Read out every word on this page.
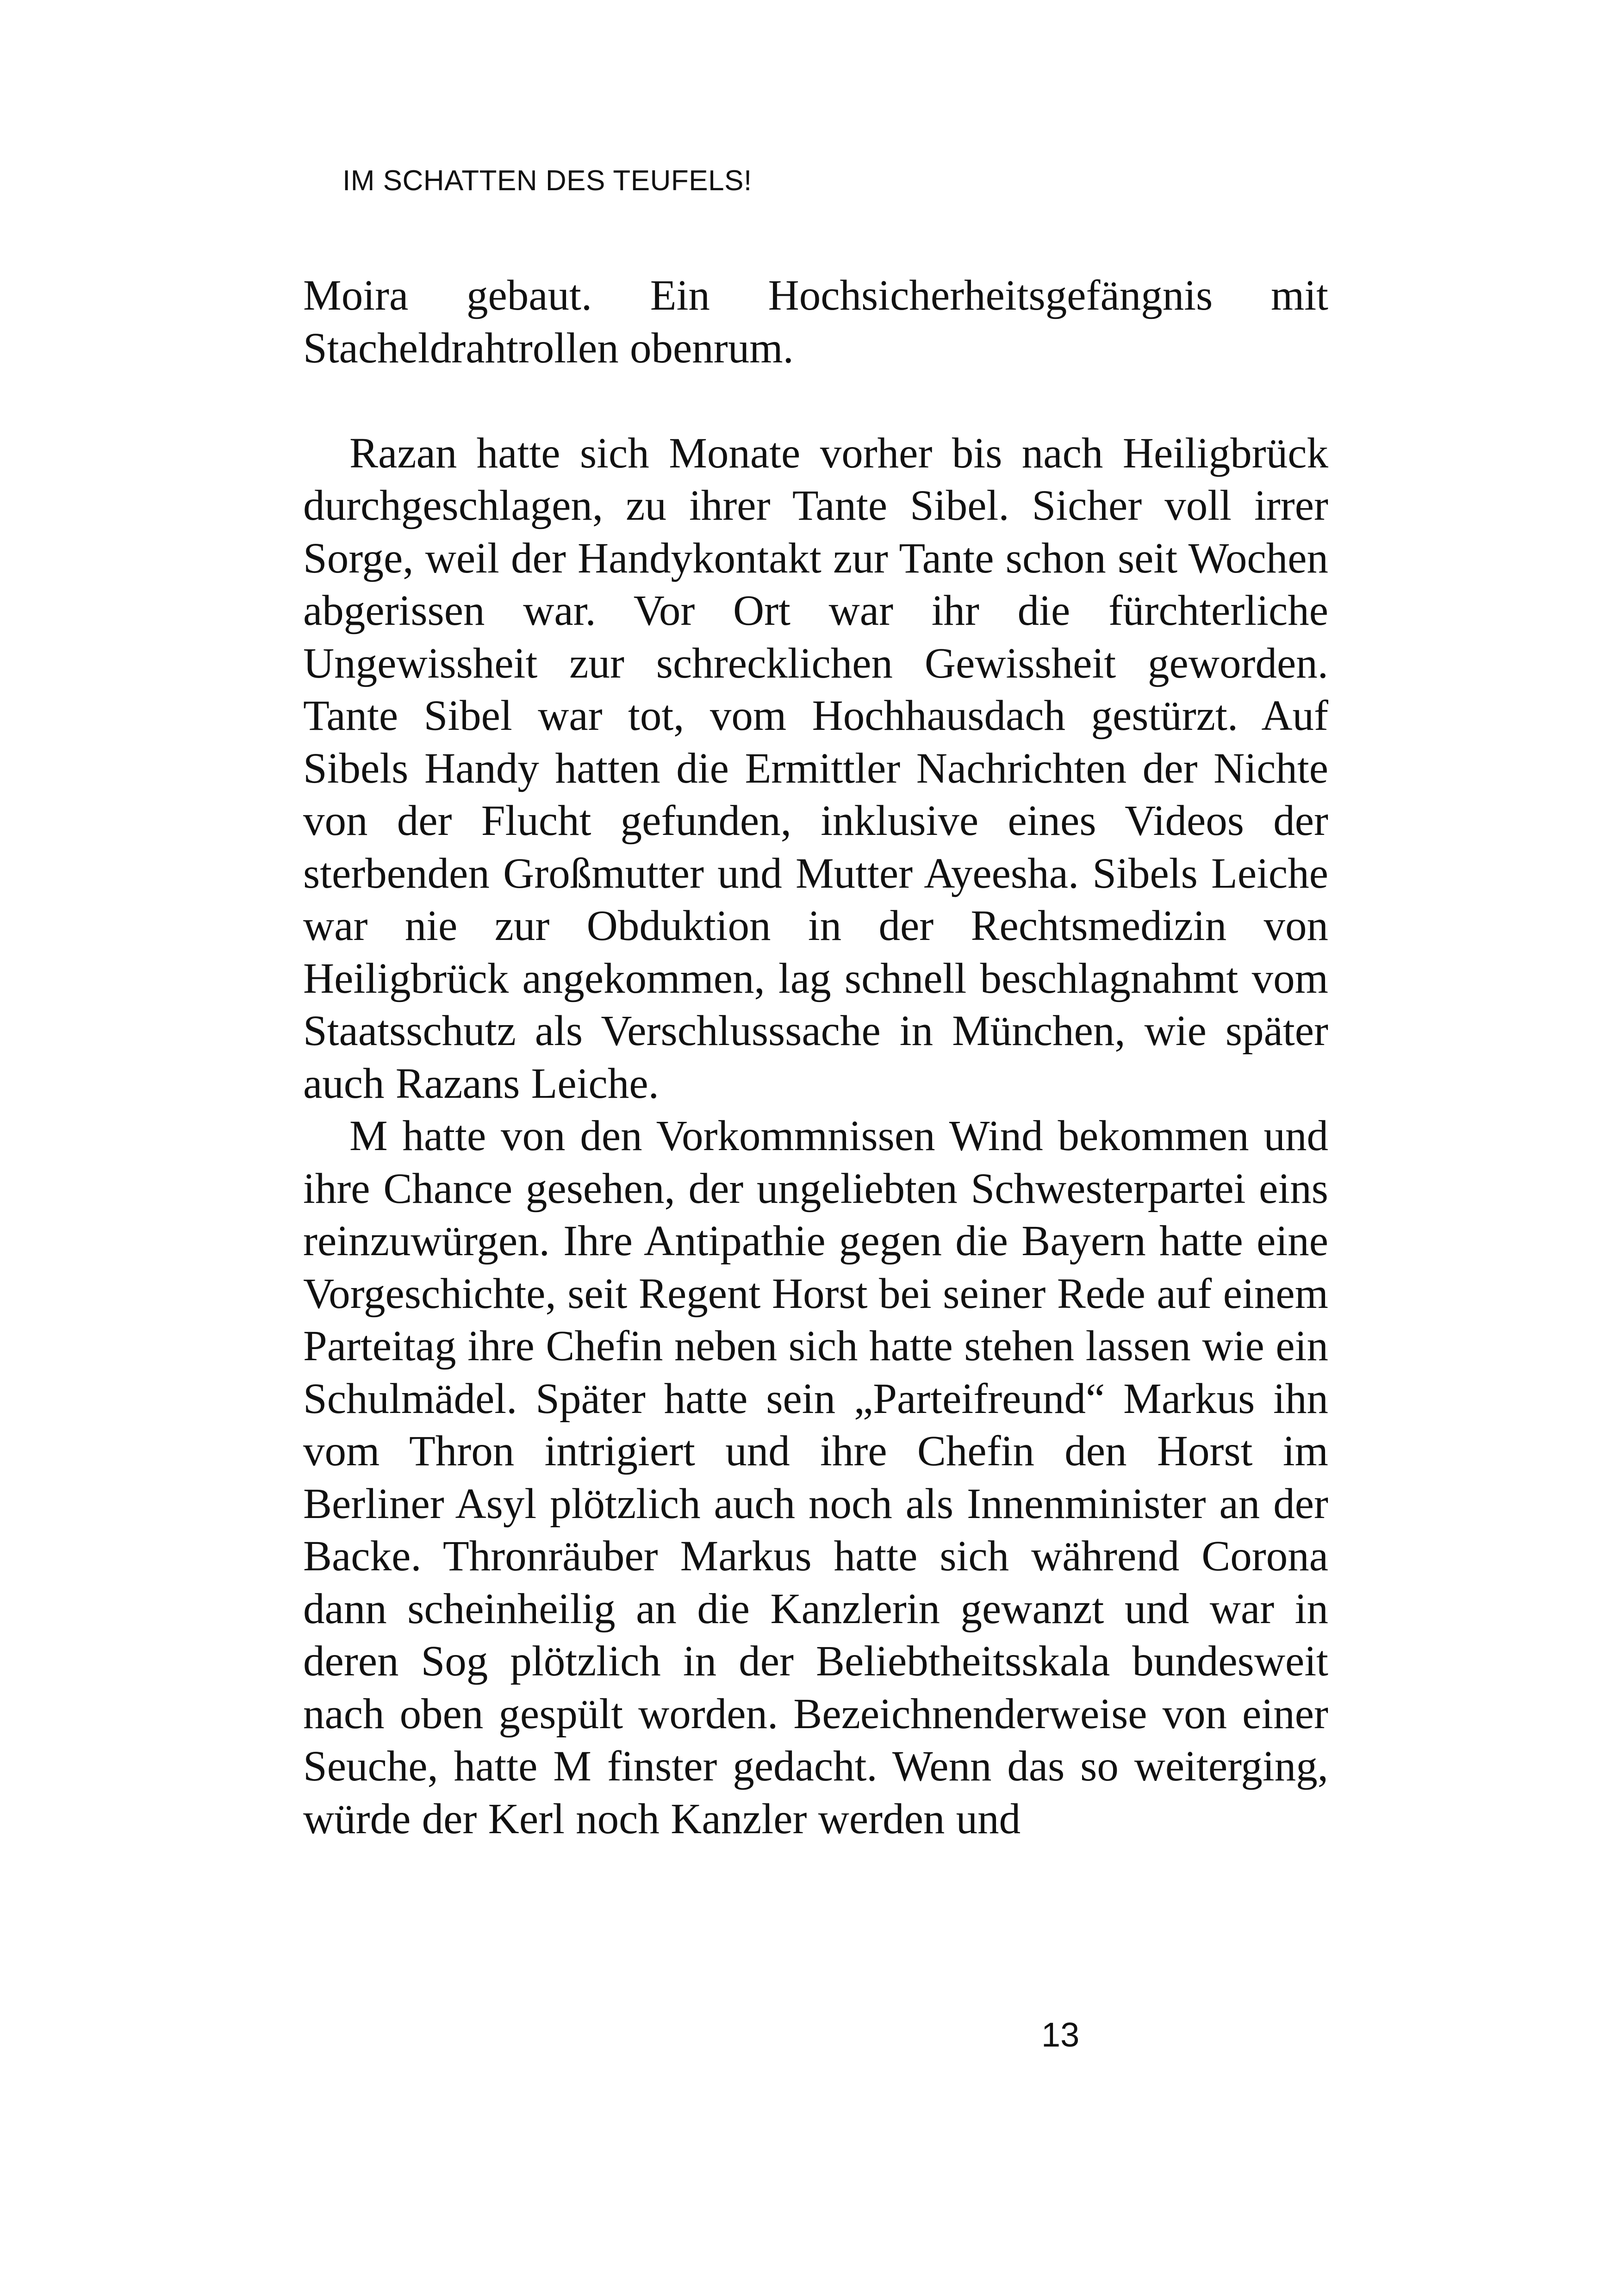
IM SCHATTEN DES TEUFELS!

Moira gebaut. Ein Hochsicherheitsgefängnis mit Stacheldrahtrollen obenrum.

Razan hatte sich Monate vorher bis nach Heiligbrück durchgeschlagen, zu ihrer Tante Sibel. Sicher voll irrer Sorge, weil der Handykontakt zur Tante schon seit Wochen abgerissen war. Vor Ort war ihr die fürchterliche Ungewissheit zur schrecklichen Gewissheit geworden. Tante Sibel war tot, vom Hochhausdach gestürzt. Auf Sibels Handy hatten die Ermittler Nachrichten der Nichte von der Flucht gefunden, inklusive eines Videos der sterbenden Großmutter und Mutter Ayeesha. Sibels Leiche war nie zur Obduktion in der Rechtsmedizin von Heiligbrück angekommen, lag schnell beschlagnahmt vom Staatsschutz als Verschlusssache in München, wie später auch Razans Leiche.

M hatte von den Vorkommnissen Wind bekommen und ihre Chance gesehen, der ungeliebten Schwesterpartei eins reinzuwürgen. Ihre Antipathie gegen die Bayern hatte eine Vorgeschichte, seit Regent Horst bei seiner Rede auf einem Parteitag ihre Chefin neben sich hatte stehen lassen wie ein Schulmädel. Später hatte sein „Parteifreund“ Markus ihn vom Thron intrigiert und ihre Chefin den Horst im Berliner Asyl plötzlich auch noch als Innenminister an der Backe. Thronräuber Markus hatte sich während Corona dann scheinheilig an die Kanzlerin gewanzt und war in deren Sog plötzlich in der Beliebtheitsskala bundesweit nach oben gespült worden. Bezeichnenderweise von einer Seuche, hatte M finster gedacht. Wenn das so weiterging, würde der Kerl noch Kanzler werden und

13
